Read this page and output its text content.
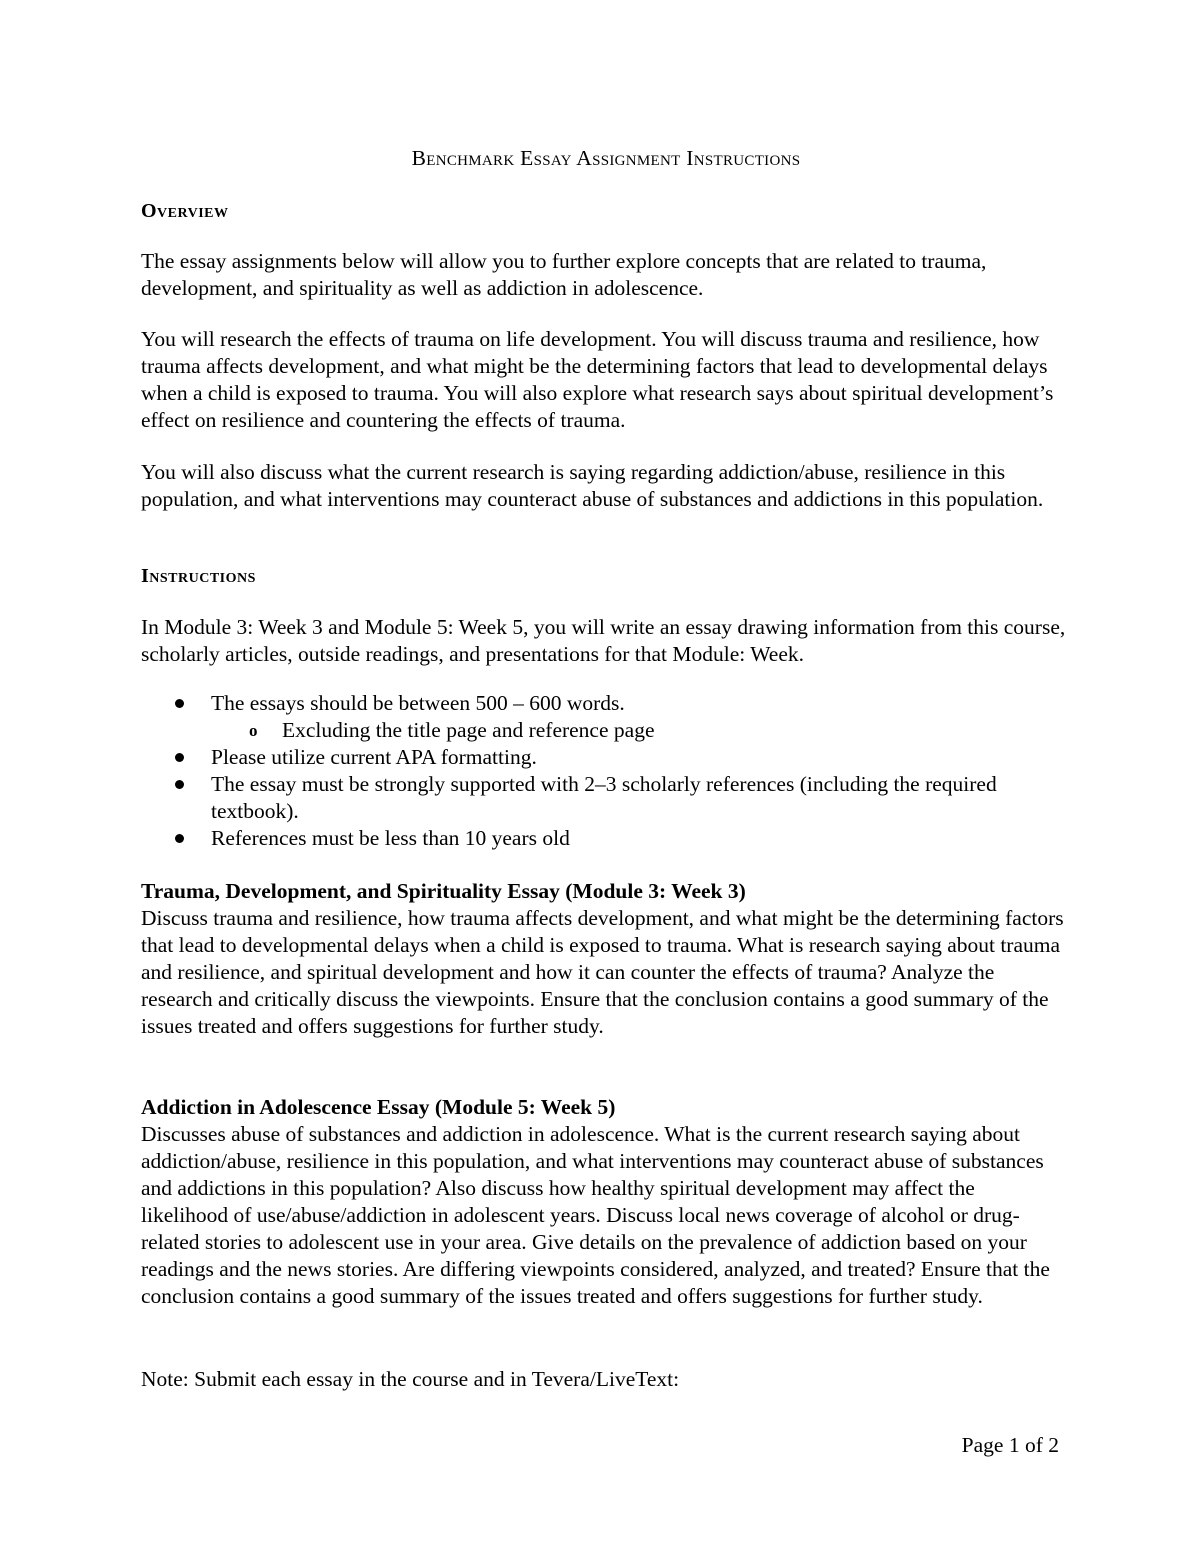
Benchmark Essay Assignment Instructions
Overview

The essay assignments below will allow you to further explore concepts that are related to trauma, development, and spirituality as well as addiction in adolescence.

You will research the effects of trauma on life development. You will discuss trauma and resilience, how trauma affects development, and what might be the determining factors that lead to developmental delays when a child is exposed to trauma. You will also explore what research says about spiritual development’s effect on resilience and countering the effects of trauma.

You will also discuss what the current research is saying regarding addiction/abuse, resilience in this population, and what interventions may counteract abuse of substances and addictions in this population.

Instructions

In Module 3: Week 3 and Module 5: Week 5, you will write an essay drawing information from this course, scholarly articles, outside readings, and presentations for that Module: Week.

The essays should be between 500 – 600 words.
o Excluding the title page and reference page
Please utilize current APA formatting.
The essay must be strongly supported with 2–3 scholarly references (including the required textbook).
References must be less than 10 years old
Trauma, Development, and Spirituality Essay (Module 3: Week 3)
Discuss trauma and resilience, how trauma affects development, and what might be the determining factors that lead to developmental delays when a child is exposed to trauma. What is research saying about trauma and resilience, and spiritual development and how it can counter the effects of trauma? Analyze the research and critically discuss the viewpoints. Ensure that the conclusion contains a good summary of the issues treated and offers suggestions for further study.
Addiction in Adolescence Essay (Module 5: Week 5)
Discusses abuse of substances and addiction in adolescence. What is the current research saying about addiction/abuse, resilience in this population, and what interventions may counteract abuse of substances and addictions in this population? Also discuss how healthy spiritual development may affect the likelihood of use/abuse/addiction in adolescent years. Discuss local news coverage of alcohol or drug-related stories to adolescent use in your area. Give details on the prevalence of addiction based on your readings and the news stories. Are differing viewpoints considered, analyzed, and treated? Ensure that the conclusion contains a good summary of the issues treated and offers suggestions for further study.

Note: Submit each essay in the course and in Tevera/LiveText:

Page 1 of 2
